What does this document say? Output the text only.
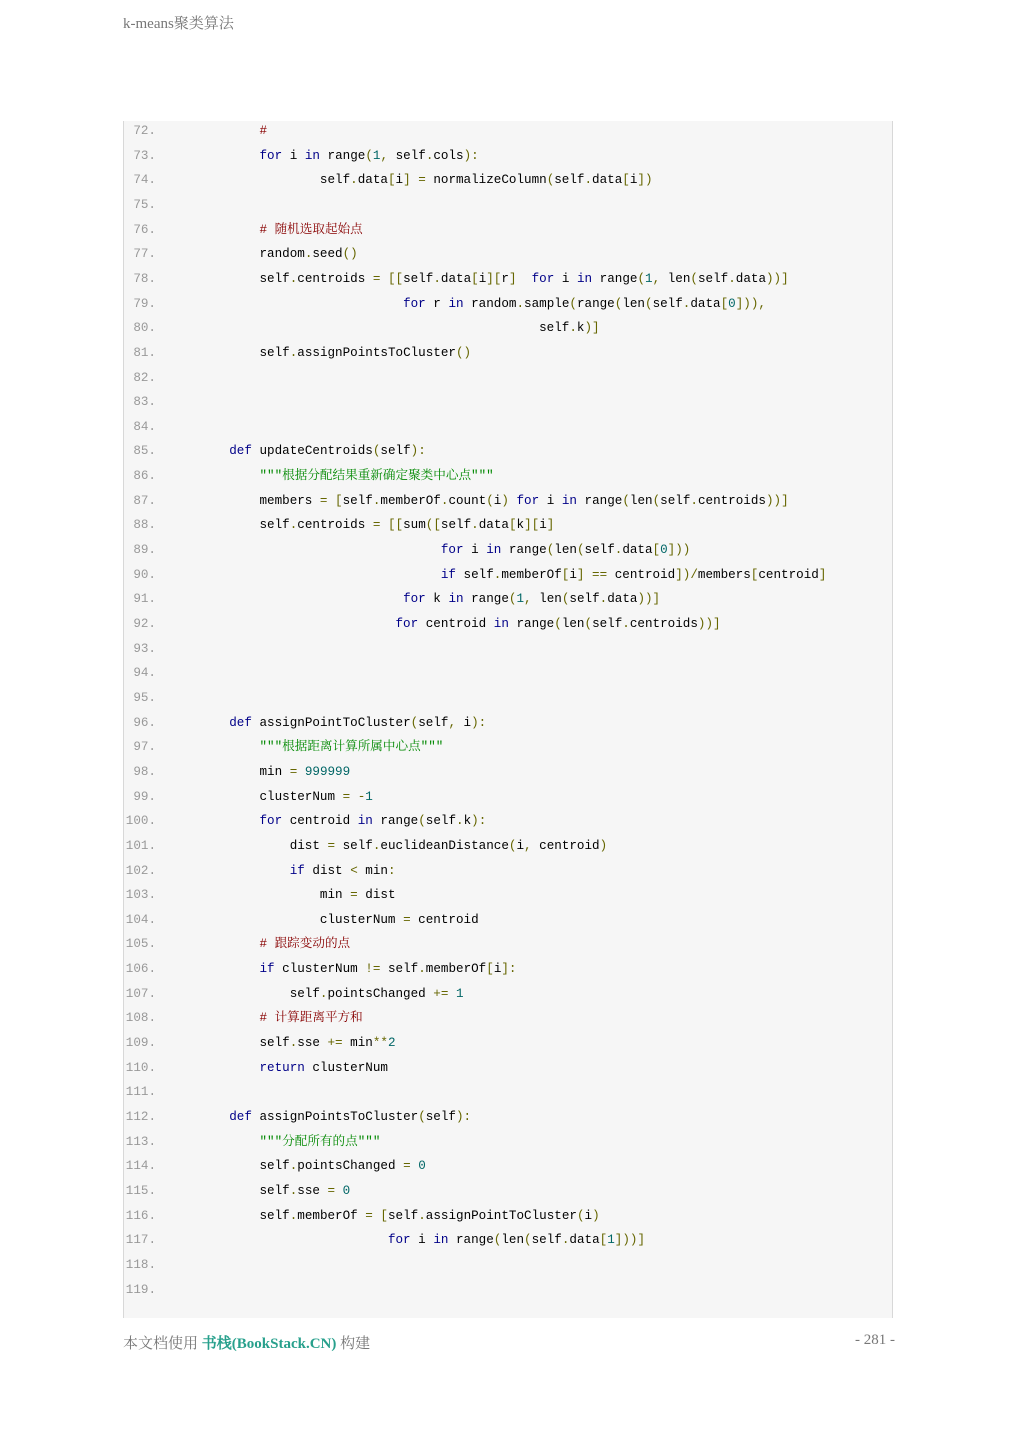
k-means聚类算法
72.	#
73.	for i in range(1, self.cols):
74.	self.data[i] = normalizeColumn(self.data[i])
75.
76.	# 随机选取起始点
77.	random.seed()
78.	self.centroids = [[self.data[i][r] for i in range(1, len(self.data))]
79.	for r in random.sample(range(len(self.data[0])),
80.	self.k)]
81.	self.assignPointsToCluster()
82.
83.
84.
85.	def updateCentroids(self):
86.	"""根据分配结果重新确定聚类中心点"""
87.	members = [self.memberOf.count(i) for i in range(len(self.centroids))]
88.	self.centroids = [[sum([self.data[k][i]
89.	for i in range(len(self.data[0]))
90.	if self.memberOf[i] == centroid])/members[centroid]
91.	for k in range(1, len(self.data))]
92.	for centroid in range(len(self.centroids))]
93.
94.
95.
96.	def assignPointToCluster(self, i):
97.	"""根据距离计算所属中心点"""
98.	min = 999999
99.	clusterNum = -1
100.	for centroid in range(self.k):
101.	dist = self.euclideanDistance(i, centroid)
102.	if dist < min:
103.	min = dist
104.	clusterNum = centroid
105.	# 跟踪变动的点
106.	if clusterNum != self.memberOf[i]:
107.	self.pointsChanged += 1
108.	# 计算距离平方和
109.	self.sse += min**2
110.	return clusterNum
111.
112.	def assignPointsToCluster(self):
113.	"""分配所有的点"""
114.	self.pointsChanged = 0
115.	self.sse = 0
116.	self.memberOf = [self.assignPointToCluster(i)
117.	for i in range(len(self.data[1]))]
118.
119.
本文档使用 书栈(BookStack.CN) 构建	- 281 -
